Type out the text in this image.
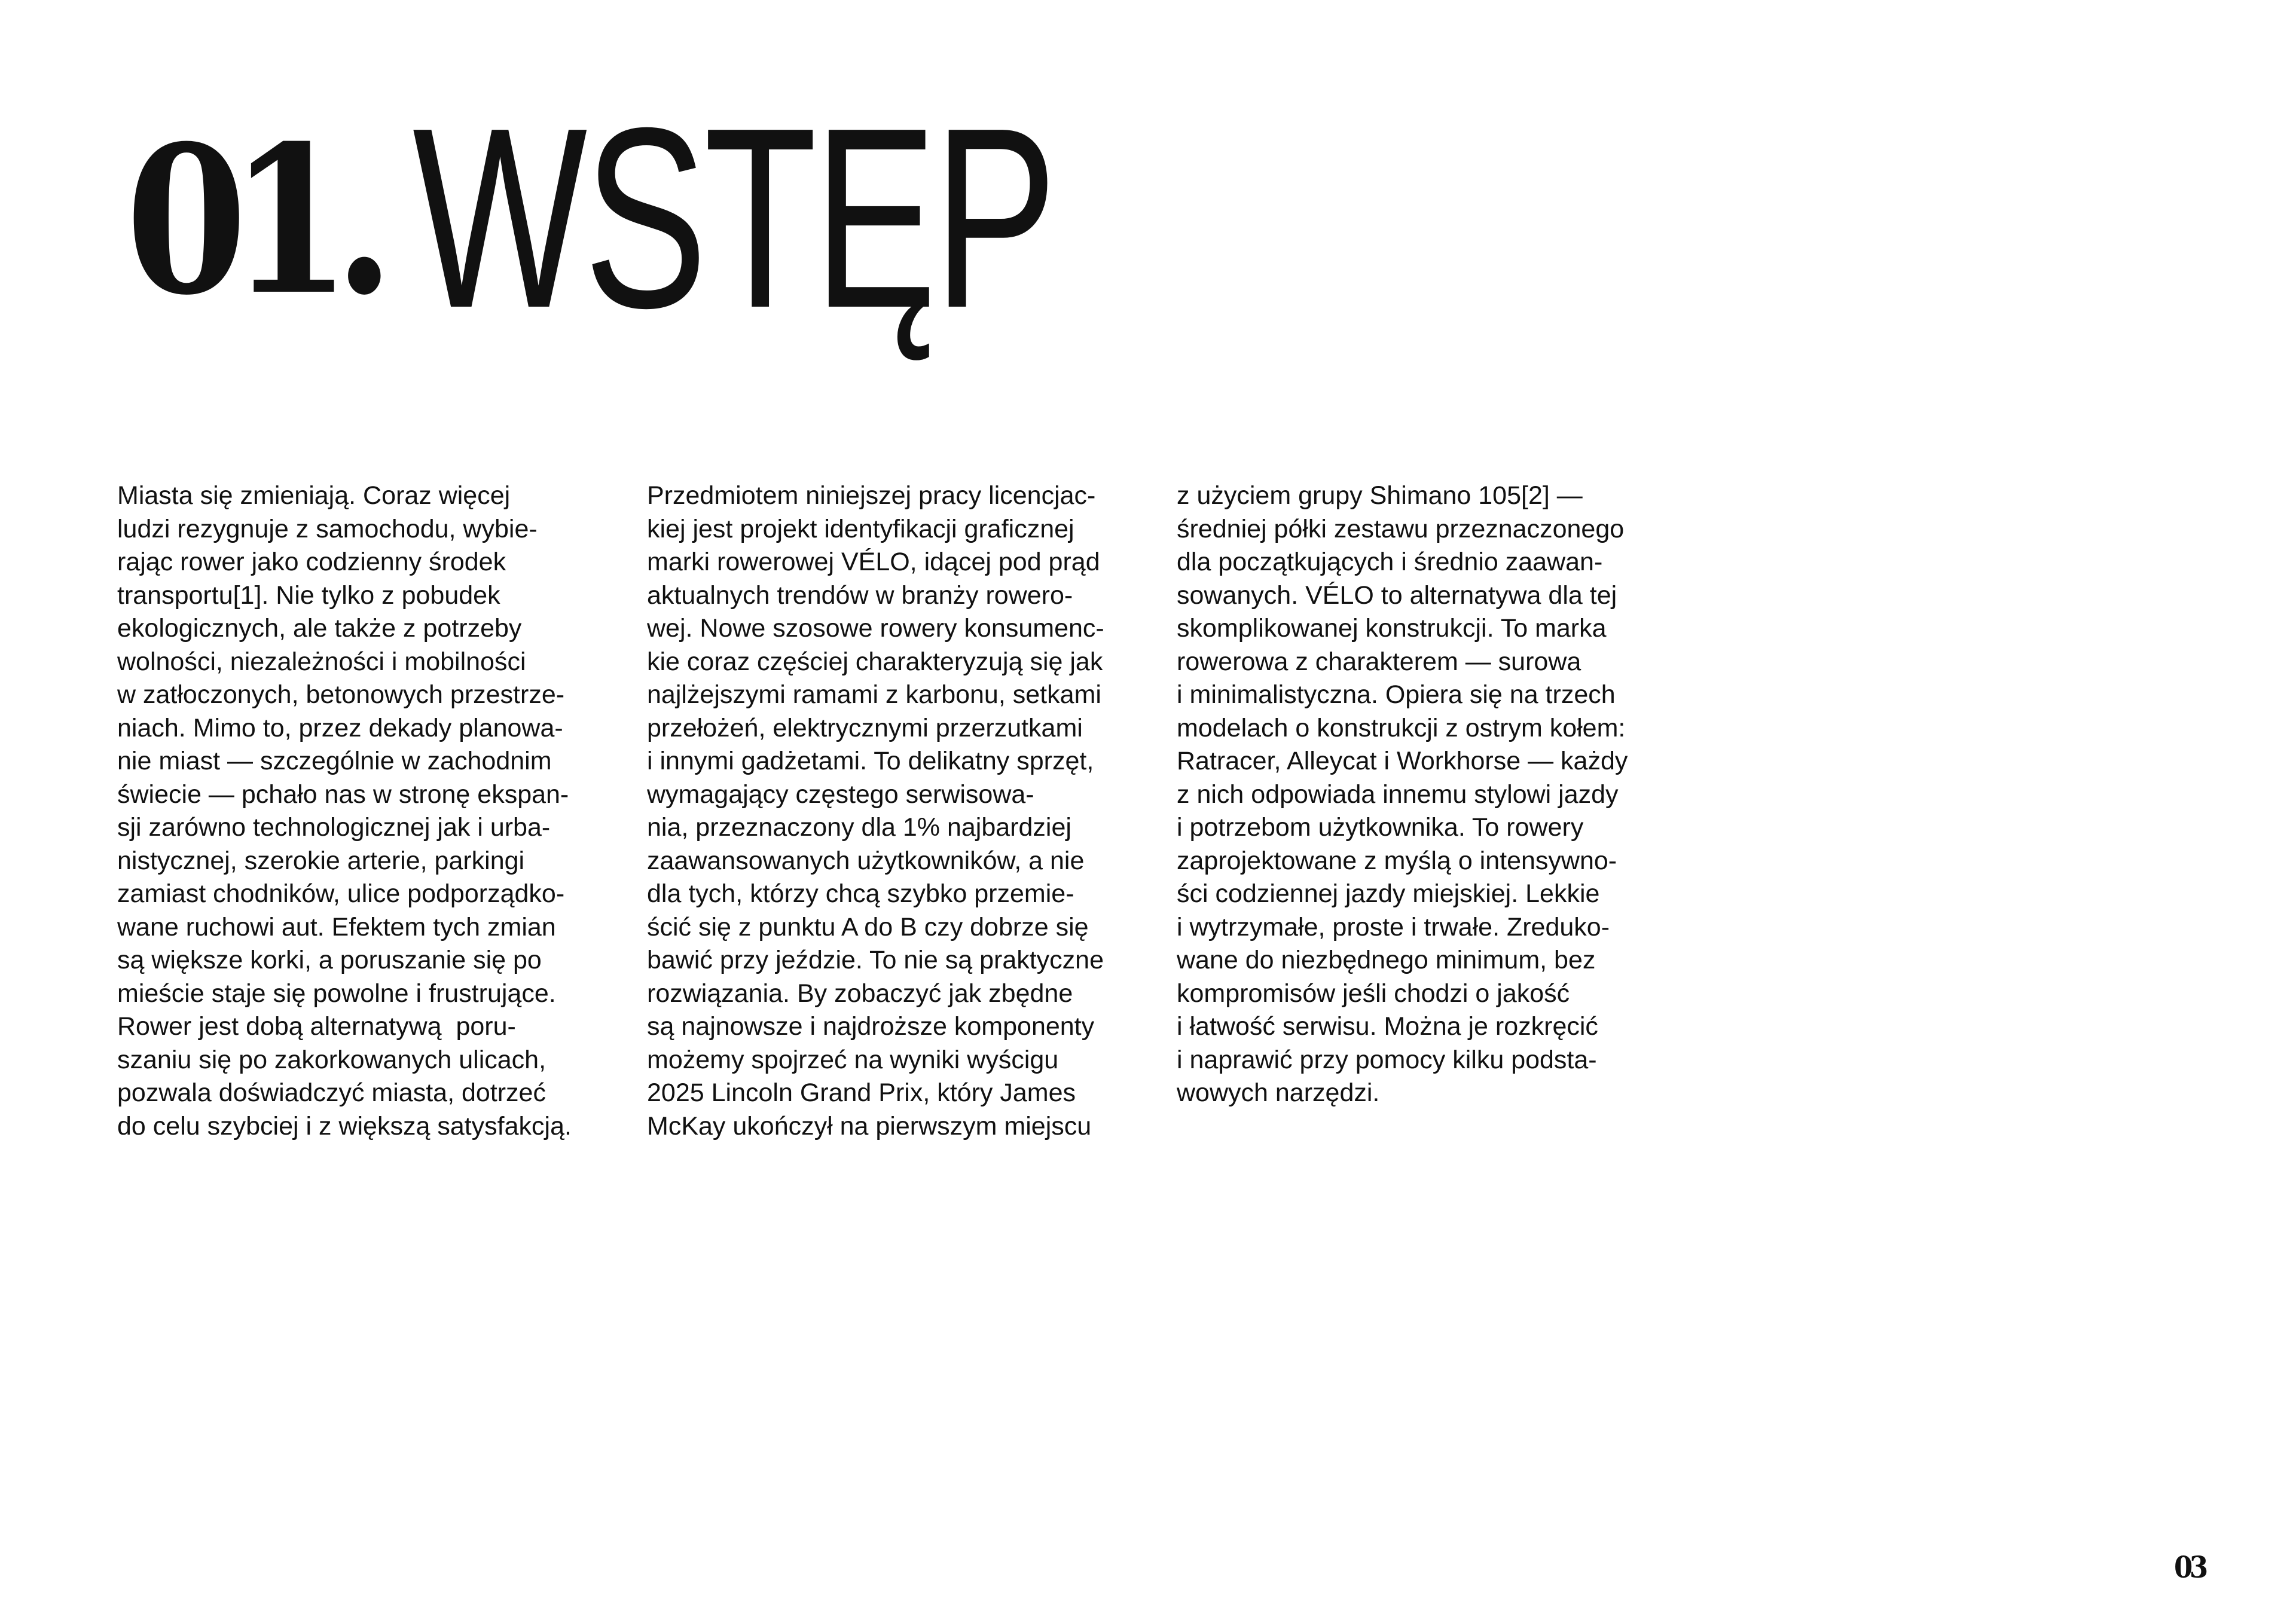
01. WSTĘP
Miasta się zmieniają. Coraz więcej
ludzi rezygnuje z samochodu, wybie-
rając rower jako codzienny środek
transportu[1]. Nie tylko z pobudek
ekologicznych, ale także z potrzeby
wolności, niezależności i mobilności
w zatłoczonych, betonowych przestrze-
niach. Mimo to, przez dekady planowa-
nie miast — szczególnie w zachodnim
świecie — pchało nas w stronę ekspan-
sji zarówno technologicznej jak i urba-
nistycznej, szerokie arterie, parkingi
zamiast chodników, ulice podporządko-
wane ruchowi aut. Efektem tych zmian
są większe korki, a poruszanie się po
mieście staje się powolne i frustrujące.
Rower jest dobą alternatywą  poru-
szaniu się po zakorkowanych ulicach,
pozwala doświadczyć miasta, dotrzeć
do celu szybciej i z większą satysfakcją.
Przedmiotem niniejszej pracy licencjac-
kiej jest projekt identyfikacji graficznej
marki rowerowej VÉLO, idącej pod prąd
aktualnych trendów w branży rowero-
wej. Nowe szosowe rowery konsumenc-
kie coraz częściej charakteryzują się jak
najlżejszymi ramami z karbonu, setkami
przełożeń, elektrycznymi przerzutkami
i innymi gadżetami. To delikatny sprzęt,
wymagający częstego serwisowa-
nia, przeznaczony dla 1% najbardziej
zaawansowanych użytkowników, a nie
dla tych, którzy chcą szybko przemie-
ścić się z punktu A do B czy dobrze się
bawić przy jeździe. To nie są praktyczne
rozwiązania. By zobaczyć jak zbędne
są najnowsze i najdroższe komponenty
możemy spojrzeć na wyniki wyścigu
2025 Lincoln Grand Prix, który James
McKay ukończył na pierwszym miejscu
z użyciem grupy Shimano 105[2] —
średniej półki zestawu przeznaczonego
dla początkujących i średnio zaawan-
sowanych. VÉLO to alternatywa dla tej
skomplikowanej konstrukcji. To marka
rowerowa z charakterem — surowa
i minimalistyczna. Opiera się na trzech
modelach o konstrukcji z ostrym kołem:
Ratracer, Alleycat i Workhorse — każdy
z nich odpowiada innemu stylowi jazdy
i potrzebom użytkownika. To rowery
zaprojektowane z myślą o intensywno-
ści codziennej jazdy miejskiej. Lekkie
i wytrzymałe, proste i trwałe. Zreduko-
wane do niezbędnego minimum, bez
kompromisów jeśli chodzi o jakość
i łatwość serwisu. Można je rozkręcić
i naprawić przy pomocy kilku podsta-
wowych narzędzi.
03
